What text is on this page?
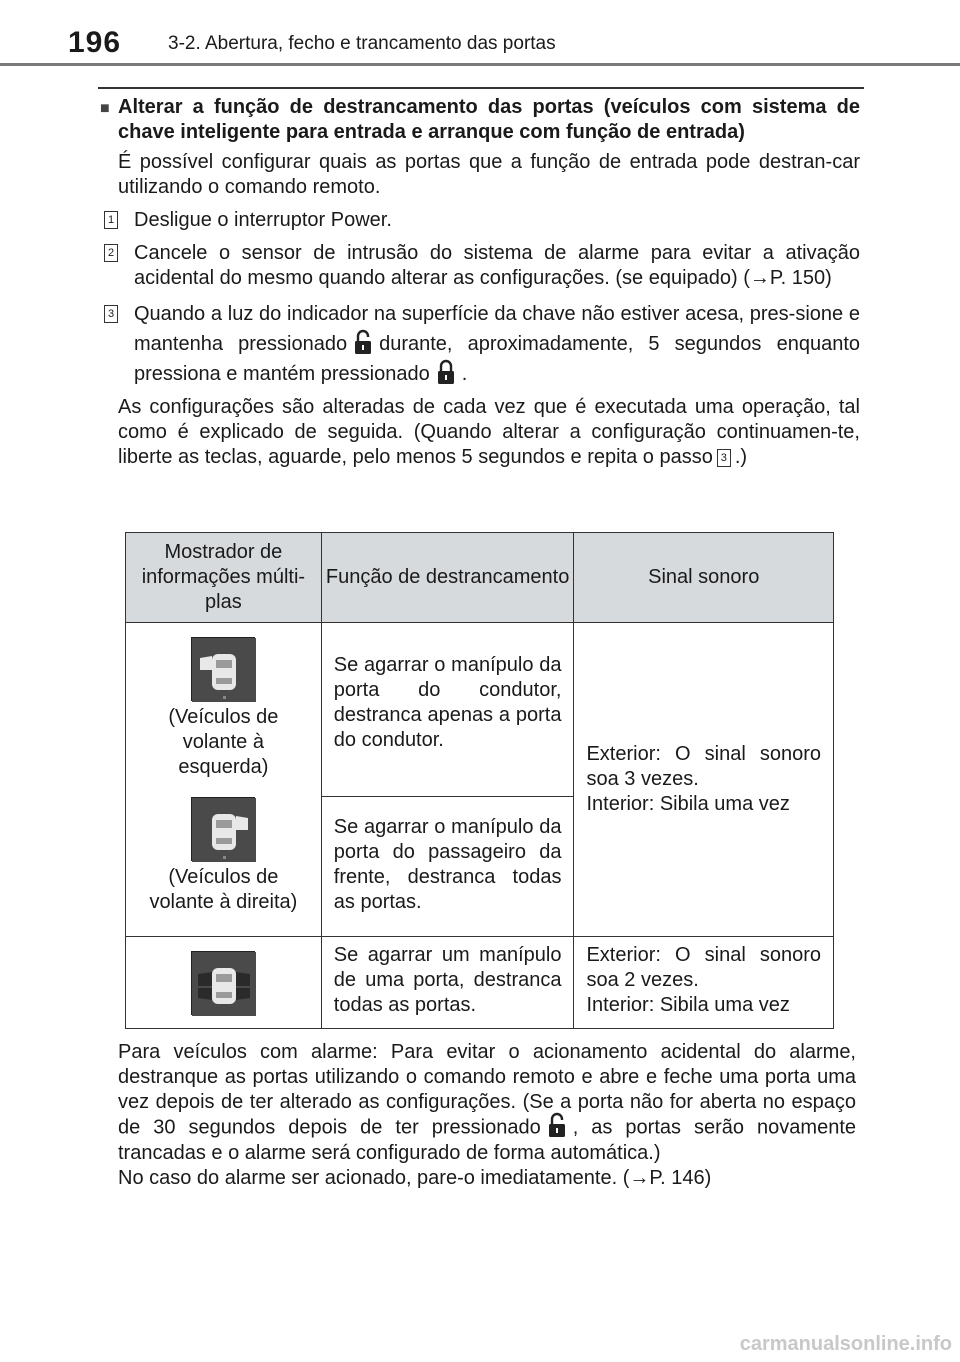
196 3-2. Abertura, fecho e trancamento das portas
■ Alterar a função de destrancamento das portas (veículos com sistema de chave inteligente para entrada e arranque com função de entrada)

É possível configurar quais as portas que a função de entrada pode destran-car utilizando o comando remoto.

1 Desligue o interruptor Power.
2 Cancele o sensor de intrusão do sistema de alarme para evitar a ativação acidental do mesmo quando alterar as configurações. (se equipado) (→P. 150)
3 Quando a luz do indicador na superfície da chave não estiver acesa, pres-sione e mantenha pressionado durante, aproximadamente, 5 segundos enquanto pressiona e mantém pressionado .

As configurações são alteradas de cada vez que é executada uma operação, tal como é explicado de seguida. (Quando alterar a configuração continuamen-te, liberte as teclas, aguarde, pelo menos 5 segundos e repita o passo 3 .)

Mostrador de informações múlti-plas	Função de destrancamento	Sinal sonoro

(Veículos de volante à esquerda)	Se agarrar o manípulo da porta do condutor, destranca apenas a porta do condutor.	Exterior: O sinal sonoro soa 3 vezes.
Interior: Sibila uma vez

(Veículos de volante à direita)	Se agarrar o manípulo da porta do passageiro da frente, destranca todas as portas.	

	Se agarrar um manípulo de uma porta, destranca todas as portas.	Exterior: O sinal sonoro soa 2 vezes.
Interior: Sibila uma vez

Para veículos com alarme: Para evitar o acionamento acidental do alarme, destranque as portas utilizando o comando remoto e abre e feche uma porta uma vez depois de ter alterado as configurações. (Se a porta não for aberta no espaço de 30 segundos depois de ter pressionado , as portas serão novamente trancadas e o alarme será configurado de forma automática.)

No caso do alarme ser acionado, pare-o imediatamente. (→P. 146)

carmanualsonline.info
